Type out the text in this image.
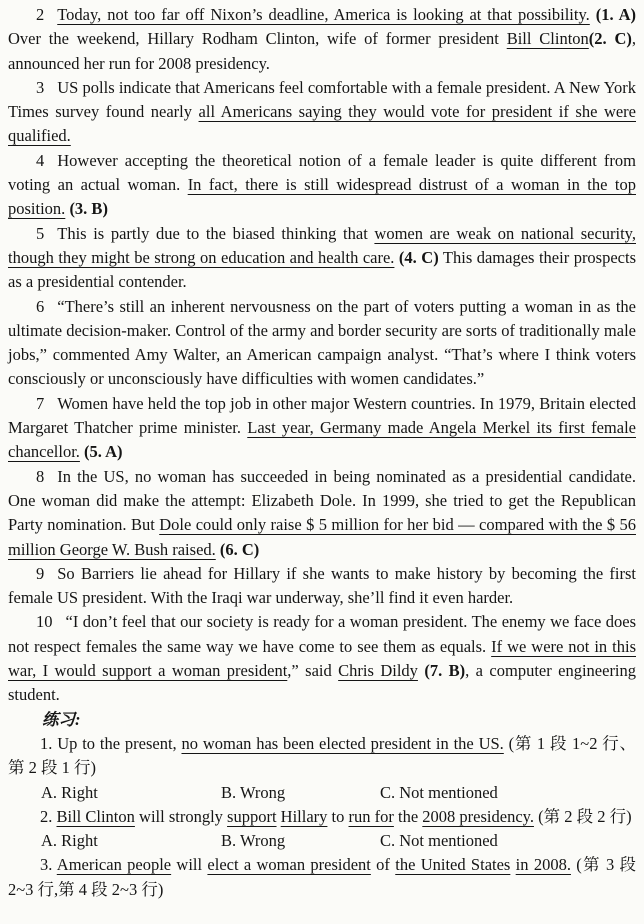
2 Today, not too far off Nixon’s deadline, America is looking at that possibility. (1. A) Over the weekend, Hillary Rodham Clinton, wife of former president Bill Clinton(2. C), announced her run for 2008 presidency.

3 US polls indicate that Americans feel comfortable with a female president. A New York Times survey found nearly all Americans saying they would vote for president if she were qualified.

4 However accepting the theoretical notion of a female leader is quite different from voting an actual woman. In fact, there is still widespread distrust of a woman in the top position. (3. B)

5 This is partly due to the biased thinking that women are weak on national security, though they might be strong on education and health care. (4. C) This damages their prospects as a presidential contender.

6 “There’s still an inherent nervousness on the part of voters putting a woman in as the ultimate decision-maker. Control of the army and border security are sorts of traditionally male jobs,” commented Amy Walter, an American campaign analyst. “That’s where I think voters consciously or unconsciously have difficulties with women candidates.”

7 Women have held the top job in other major Western countries. In 1979, Britain elected Margaret Thatcher prime minister. Last year, Germany made Angela Merkel its first female chancellor. (5. A)

8 In the US, no woman has succeeded in being nominated as a presidential candidate. One woman did make the attempt: Elizabeth Dole. In 1999, she tried to get the Republican Party nomination. But Dole could only raise $ 5 million for her bid — compared with the $ 56 million George W. Bush raised. (6. C)

9 So Barriers lie ahead for Hillary if she wants to make history by becoming the first female US president. With the Iraqi war underway, she’ll find it even harder.

10 “I don’t feel that our society is ready for a woman president. The enemy we face does not respect females the same way we have come to see them as equals. If we were not in this war, I would support a woman president,” said Chris Dildy (7. B), a computer engineering student.

练习:

1. Up to the present, no woman has been elected president in the US. (第 1 段 1~2 行、第 2 段 1 行)

A. Right	B. Wrong	C. Not mentioned

2. Bill Clinton will strongly support Hillary to run for the 2008 presidency. (第 2 段 2 行)

A. Right	B. Wrong	C. Not mentioned

3. American people will elect a woman president of the United States in 2008. (第 3 段 2~3 行,第 4 段 2~3 行)
